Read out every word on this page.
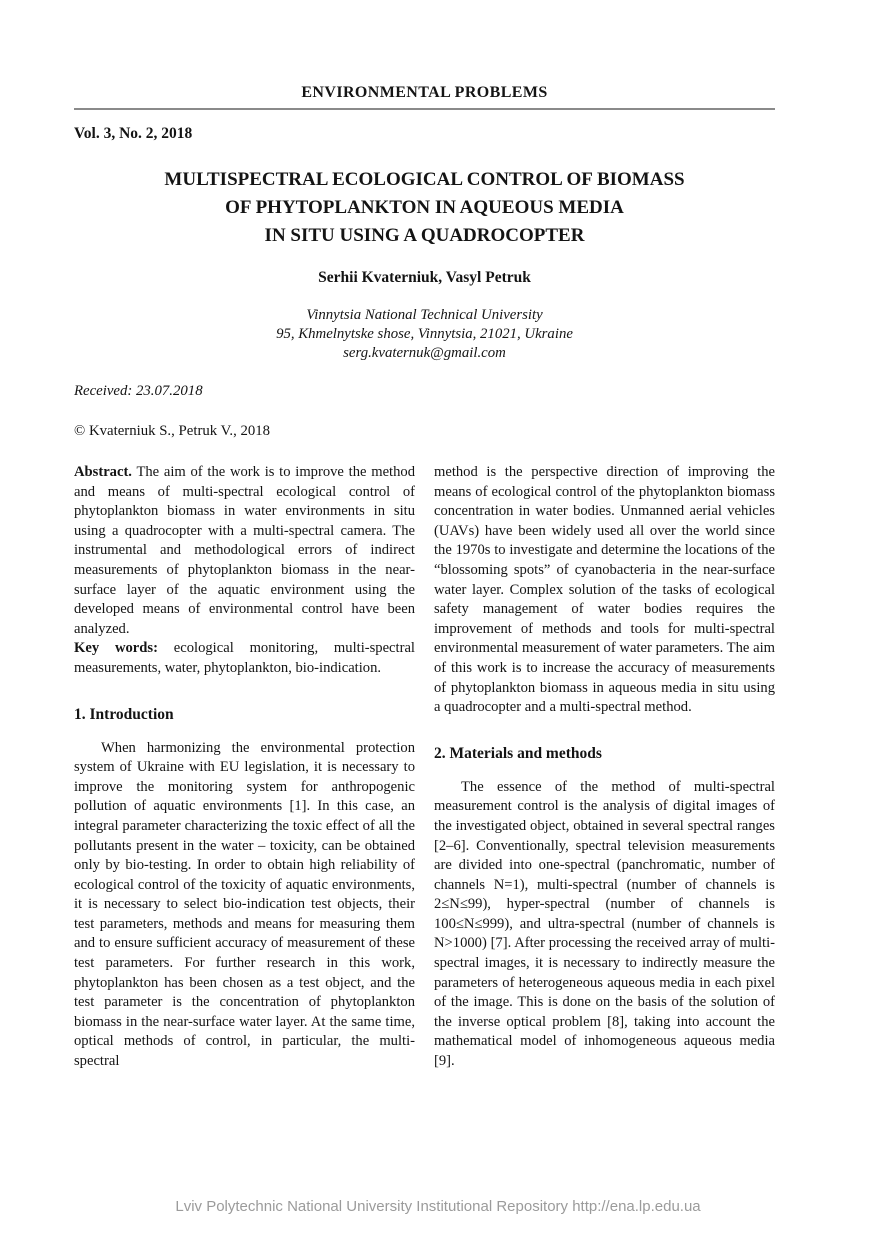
ENVIRONMENTAL PROBLEMS
Vol. 3, No. 2, 2018
MULTISPECTRAL ECOLOGICAL CONTROL OF BIOMASS
OF PHYTOPLANKTON IN AQUEOUS MEDIA
IN SITU USING A QUADROCOPTER
Serhii Kvaterniuk, Vasyl Petruk
Vinnytsia National Technical University
95, Khmelnytske shose, Vinnytsia, 21021, Ukraine
serg.kvaternuk@gmail.com
Received: 23.07.2018
© Kvaterniuk S., Petruk V., 2018

Abstract. The aim of the work is to improve the method and means of multi-spectral ecological control of phytoplankton biomass in water environments in situ using a quadrocopter with a multi-spectral camera. The instrumental and methodological errors of indirect measurements of phytoplankton biomass in the near-surface layer of the aquatic environment using the developed means of environmental control have been analyzed.

Key words: ecological monitoring, multi-spectral measurements, water, phytoplankton, bio-indication.

1. Introduction

When harmonizing the environmental protection system of Ukraine with EU legislation, it is necessary to improve the monitoring system for anthropogenic pollution of aquatic environments [1]. In this case, an integral parameter characterizing the toxic effect of all the pollutants present in the water – toxicity, can be obtained only by bio-testing. In order to obtain high reliability of ecological control of the toxicity of aquatic environments, it is necessary to select bio-indication test objects, their test parameters, methods and means for measuring them and to ensure sufficient accuracy of measurement of these test parameters. For further research in this work, phytoplankton has been chosen as a test object, and the test parameter is the concentration of phytoplankton biomass in the near-surface water layer. At the same time, optical methods of control, in particular, the multi-spectral

method is the perspective direction of improving the means of ecological control of the phytoplankton biomass concentration in water bodies. Unmanned aerial vehicles (UAVs) have been widely used all over the world since the 1970s to investigate and determine the locations of the “blossoming spots” of cyanobacteria in the near-surface water layer. Complex solution of the tasks of ecological safety management of water bodies requires the improvement of methods and tools for multi-spectral environmental measurement of water parameters. The aim of this work is to increase the accuracy of measurements of phytoplankton biomass in aqueous media in situ using a quadrocopter and a multi-spectral method.

2. Materials and methods

The essence of the method of multi-spectral measurement control is the analysis of digital images of the investigated object, obtained in several spectral ranges [2–6]. Conventionally, spectral television measurements are divided into one-spectral (panchromatic, number of channels N=1), multi-spectral (number of channels is 2≤N≤99), hyper-spectral (number of channels is 100≤N≤999), and ultra-spectral (number of channels is N>1000) [7]. After processing the received array of multi-spectral images, it is necessary to indirectly measure the parameters of heterogeneous aqueous media in each pixel of the image. This is done on the basis of the solution of the inverse optical problem [8], taking into account the mathematical model of inhomogeneous aqueous media [9].

Lviv Polytechnic National University Institutional Repository http://ena.lp.edu.ua
